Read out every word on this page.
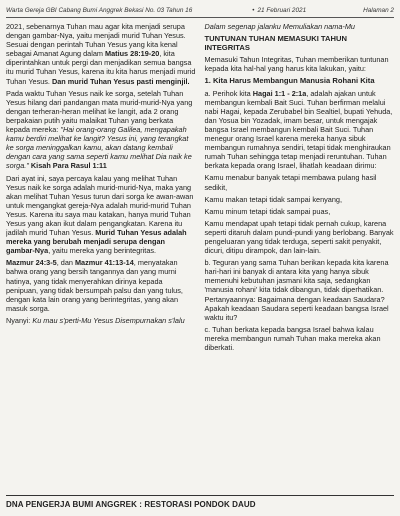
Warta Gereja GBI Cabang Bumi Anggrek Bekasi No. 03 Tahun 16	• 21 Februari 2021	Halaman 2

2021, sebenarnya Tuhan mau agar kita menjadi serupa dengan gambar-Nya, yaitu menjadi murid Tuhan Yesus. Sesuai dengan perintah Tuhan Yesus yang kita kenal sebagai Amanat Agung dalam Matius 28:19-20, kita diperintahkan untuk pergi dan menjadikan semua bangsa itu murid Tuhan Yesus, karena itu kita harus menjadi murid Tuhan Yesus. Dan murid Tuhan Yesus pasti menginjil.

Pada waktu Tuhan Yesus naik ke sorga, setelah Tuhan Yesus hilang dari pandangan mata murid-murid-Nya yang dengan terheran-heran melihat ke langit, ada 2 orang berpakaian putih yaitu malaikat Tuhan yang berkata kepada mereka: "Hai orang-orang Galilea, mengapakah kamu berdiri melihat ke langit? Yesus ini, yang terangkat ke sorga meninggalkan kamu, akan datang kembali dengan cara yang sama seperti kamu melihat Dia naik ke sorga." Kisah Para Rasul 1:11

Dari ayat ini, saya percaya kalau yang melihat Tuhan Yesus naik ke sorga adalah murid-murid-Nya, maka yang akan melihat Tuhan Yesus turun dari sorga ke awan-awan untuk mengangkat gereja-Nya adalah murid-murid Tuhan Yesus. Karena itu saya mau katakan, hanya murid Tuhan Yesus yang akan ikut dalam pengangkatan. Karena itu jadilah murid Tuhan Yesus. Murid Tuhan Yesus adalah mereka yang berubah menjadi serupa dengan gambar-Nya, yaitu mereka yang berintegritas.

Mazmur 24:3-5, dan Mazmur 41:13-14, menyatakan bahwa orang yang bersih tangannya dan yang murni hatinya, yang tidak menyerahkan dirinya kepada penipuan, yang tidak bersumpah palsu dan yang tulus, dengan kata lain orang yang berintegritas, yang akan masuk sorga.

Nyanyi: Ku mau s'perti-Mu Yesus Disempurnakan s'lalu

Dalam segenap jalanku Memuliakan nama-Mu

TUNTUNAN TUHAN MEMASUKI TAHUN INTEGRITAS

Memasuki Tahun Integritas, Tuhan memberikan tuntunan kepada kita hal-hal yang harus kita lakukan, yaitu:

1. Kita Harus Membangun Manusia Rohani Kita

a. Perihok kita Hagai 1:1 - 2:1a, adalah ajakan untuk membangun kembali Bait Suci. Tuhan berfirman melalui nabi Hagai, kepada Zerubabel bin Sealtiel, bupati Yehuda, dan Yosua bin Yozadak, imam besar, untuk mengajak bangsa Israel membangun kembali Bait Suci. Tuhan menegur orang Israel karena mereka hanya sibuk membangun rumahnya sendiri, tetapi tidak menghiraukan rumah Tuhan sehingga tetap menjadi reruntuhan. Tuhan berkata kepada orang Israel, lihatlah keadaan dirimu:

Kamu menabur banyak tetapi membawa pulang hasil sedikit,

Kamu makan tetapi tidak sampai kenyang,

Kamu minum tetapi tidak sampai puas,

Kamu mendapat upah tetapi tidak pernah cukup, karena seperti ditaruh dalam pundi-pundi yang berlobang. Banyak pengeluaran yang tidak terduga, seperti sakit penyakit, dicuri, ditipu dirampok, dan lain-lain.

b. Teguran yang sama Tuhan berikan kepada kita karena hari-hari ini banyak di antara kita yang hanya sibuk memenuhi kebutuhan jasmani kita saja, sedangkan 'manusia rohani' kita tidak dibangun, tidak diperhatikan. Pertanyaannya: Bagaimana dengan keadaan Saudara? Apakah keadaan Saudara seperti keadaan bangsa Israel waktu itu?

c. Tuhan berkata kepada bangsa Israel bahwa kalau mereka membangun rumah Tuhan maka mereka akan diberkati.

DNA PENGERJA BUMI ANGGREK : RESTORASI PONDOK DAUD
